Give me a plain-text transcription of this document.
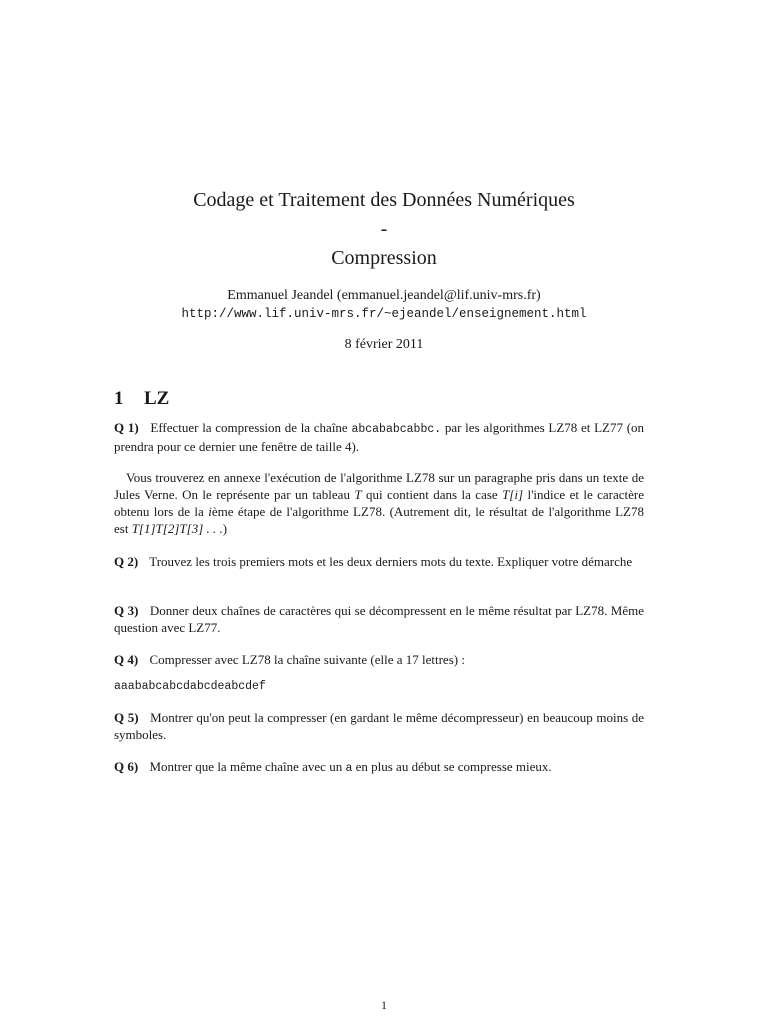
Codage et Traitement des Données Numériques
-
Compression
Emmanuel Jeandel (emmanuel.jeandel@lif.univ-mrs.fr)
http://www.lif.univ-mrs.fr/~ejeandel/enseignement.html
8 février 2011
1 LZ
Q 1) Effectuer la compression de la chaîne abcababcabbc. par les algorithmes LZ78 et LZ77 (on prendra pour ce dernier une fenêtre de taille 4).
Vous trouverez en annexe l'exécution de l'algorithme LZ78 sur un paragraphe pris dans un texte de Jules Verne. On le représente par un tableau T qui contient dans la case T[i] l'indice et le caractère obtenu lors de la ième étape de l'algorithme LZ78. (Autrement dit, le résultat de l'algorithme LZ78 est T[1]T[2]T[3] . . .)
Q 2) Trouvez les trois premiers mots et les deux derniers mots du texte. Expliquer votre démarche
Q 3) Donner deux chaînes de caractères qui se décompressent en le même résultat par LZ78. Même question avec LZ77.
Q 4) Compresser avec LZ78 la chaîne suivante (elle a 17 lettres) :
aaababcabcdabcdeabcdef
Q 5) Montrer qu'on peut la compresser (en gardant le même décompresseur) en beaucoup moins de symboles.
Q 6) Montrer que la même chaîne avec un a en plus au début se compresse mieux.
1
